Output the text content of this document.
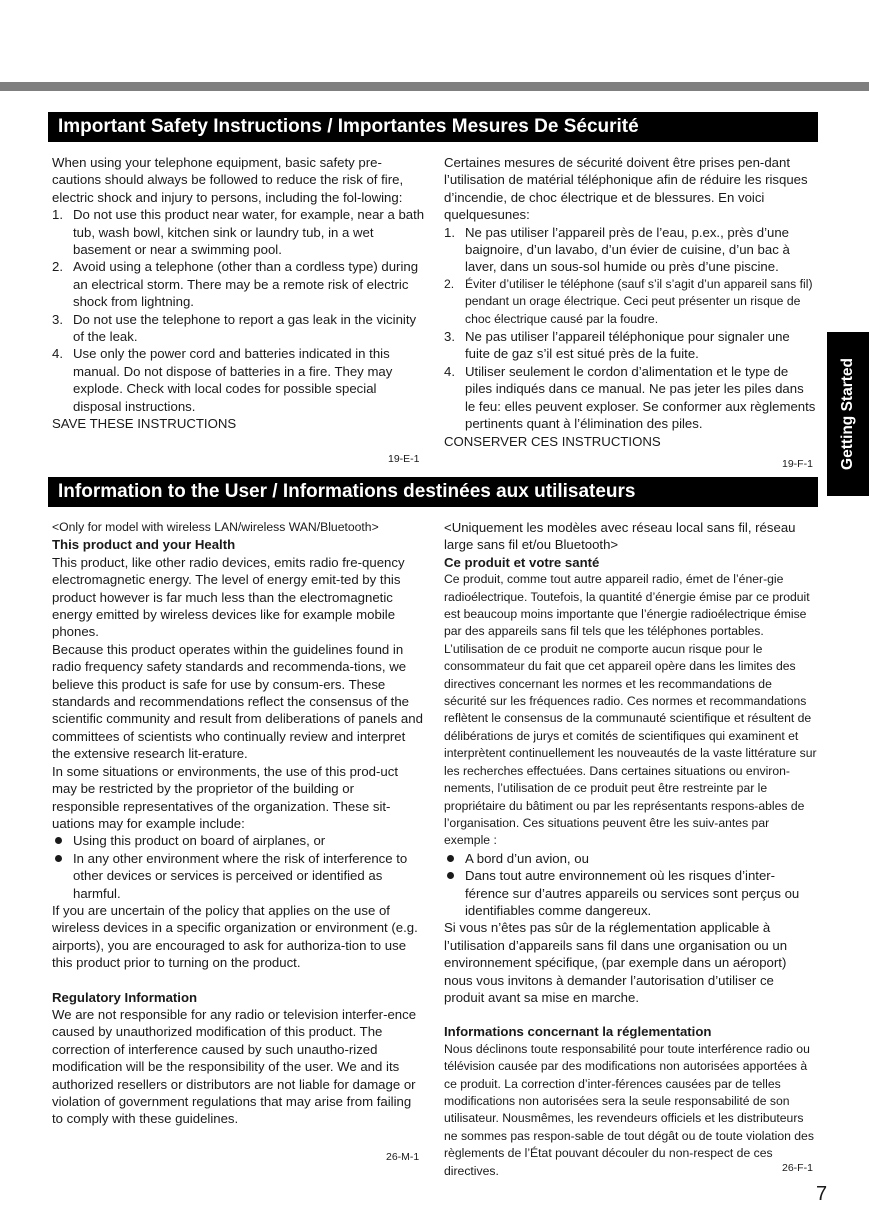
Important Safety Instructions / Importantes Mesures De Sécurité

When using your telephone equipment, basic safety pre-cautions should always be followed to reduce the risk of fire, electric shock and injury to persons, including the fol-lowing:

1. Do not use this product near water, for example, near a bath tub, wash bowl, kitchen sink or laundry tub, in a wet basement or near a swimming pool.
2. Avoid using a telephone (other than a cordless type) during an electrical storm. There may be a remote risk of electric shock from lightning.
3. Do not use the telephone to report a gas leak in the vicinity of the leak.
4. Use only the power cord and batteries indicated in this manual. Do not dispose of batteries in a fire. They may explode. Check with local codes for possible special disposal instructions.

SAVE THESE INSTRUCTIONS

19-E-1

Certaines mesures de sécurité doivent être prises pen-dant l’utilisation de matérial téléphonique afin de réduire les risques d’incendie, de choc électrique et de blessures. En voici quelquesunes:

1. Ne pas utiliser l’appareil près de l’eau, p.ex., près d’une baignoire, d’un lavabo, d’un évier de cuisine, d’un bac à laver, dans un sous-sol humide ou près d’une piscine.
2. Éviter d’utiliser le téléphone (sauf s’il s’agit d’un appareil sans fil) pendant un orage électrique. Ceci peut présenter un risque de choc électrique causé par la foudre.
3. Ne pas utiliser l’appareil téléphonique pour signaler une fuite de gaz s’il est situé près de la fuite.
4. Utiliser seulement le cordon d’alimentation et le type de piles indiqués dans ce manual. Ne pas jeter les piles dans le feu: elles peuvent exploser. Se conformer aux règlements pertinents quant à l’élimination des piles.

CONSERVER CES INSTRUCTIONS

19-F-1
Information to the User / Informations destinées aux utilisateurs

<Only for model with wireless LAN/wireless WAN/Bluetooth>

This product and your Health

This product, like other radio devices, emits radio fre-quency electromagnetic energy. The level of energy emit-ted by this product however is far much less than the electromagnetic energy emitted by wireless devices like for example mobile phones.

Because this product operates within the guidelines found in radio frequency safety standards and recommenda-tions, we believe this product is safe for use by consum-ers. These standards and recommendations reflect the consensus of the scientific community and result from deliberations of panels and committees of scientists who continually review and interpret the extensive research lit-erature.

In some situations or environments, the use of this prod-uct may be restricted by the proprietor of the building or responsible representatives of the organization. These sit-uations may for example include:

Using this product on board of airplanes, or
In any other environment where the risk of interference to other devices or services is perceived or identified as harmful.

If you are uncertain of the policy that applies on the use of wireless devices in a specific organization or environment (e.g. airports), you are encouraged to ask for authoriza-tion to use this product prior to turning on the product.

Regulatory Information

We are not responsible for any radio or television interfer-ence caused by unauthorized modification of this product. The correction of interference caused by such unautho-rized modification will be the responsibility of the user. We and its authorized resellers or distributors are not liable for damage or violation of government regulations that may arise from failing to comply with these guidelines.

26-M-1

<Uniquement les modèles avec réseau local sans fil, réseau large sans fil et/ou Bluetooth>

Ce produit et votre santé

Ce produit, comme tout autre appareil radio, émet de l’éner-gie radioélectrique. Toutefois, la quantité d’énergie émise par ce produit est beaucoup moins importante que l’énergie radioélectrique émise par des appareils sans fil tels que les téléphones portables. L’utilisation de ce produit ne comporte aucun risque pour le consommateur du fait que cet appareil opère dans les limites des directives concernant les normes et les recommandations de sécurité sur les fréquences radio. Ces normes et recommandations reflètent le consensus de la communauté scientifique et résultent de délibérations de jurys et comités de scientifiques qui examinent et interprètent continuellement les nouveautés de la vaste littérature sur les recherches effectuées. Dans certaines situations ou environ-nements, l’utilisation de ce produit peut être restreinte par le propriétaire du bâtiment ou par les représentants respons-ables de l’organisation. Ces situations peuvent être les suiv-antes par exemple :

A bord d’un avion, ou
Dans tout autre environnement où les risques d’inter-férence sur d’autres appareils ou services sont perçus ou identifiables comme dangereux.

Si vous n’êtes pas sûr de la réglementation applicable à l’utilisation d’appareils sans fil dans une organisation ou un environnement spécifique, (par exemple dans un aéroport) nous vous invitons à demander l’autorisation d’utiliser ce produit avant sa mise en marche.

Informations concernant la réglementation

Nous déclinons toute responsabilité pour toute interférence radio ou télévision causée par des modifications non autorisées apportées à ce produit. La correction d’inter-férences causées par de telles modifications non autorisées sera la seule responsabilité de son utilisateur. Nousmêmes, les revendeurs officiels et les distributeurs ne sommes pas respon-sable de tout dégât ou de toute violation des règlements de l’État pouvant découler du non-respect de ces directives.	26-F-1
Getting Started
7
